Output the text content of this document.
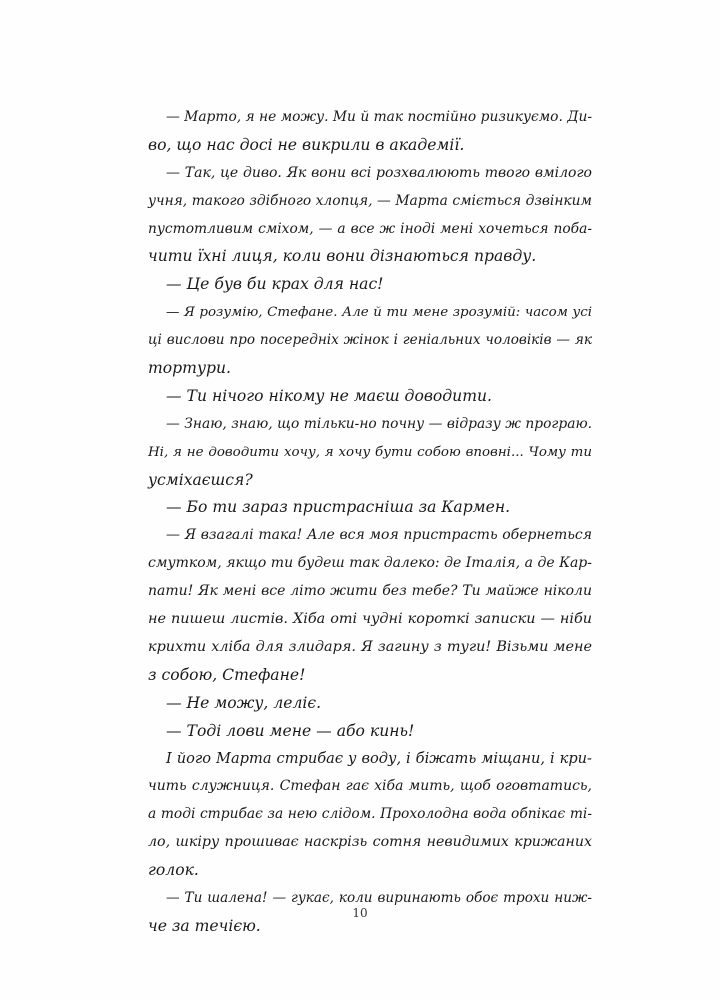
— Марто, я не можу. Ми й так постійно ризикуємо. Ди-
во, що нас досі не викрили в академії.
— Так, це диво. Як вони всі розхвалюють твого вмілого
учня, такого здібного хлопця, — Марта сміється дзвінким
пустотливим сміхом, — а все ж іноді мені хочеться поба-
чити їхні лиця, коли вони дізнаються правду.
— Це був би крах для нас!
— Я розумію, Стефане. Але й ти мене зрозумій: часом усі
ці вислови про посередніх жінок і геніальних чоловіків — як
тортури.
— Ти нічого нікому не маєш доводити.
— Знаю, знаю, що тільки-но почну — відразу ж програю.
Ні, я не доводити хочу, я хочу бути собою вповні... Чому ти
усміхаєшся?
— Бо ти зараз пристрасніша за Кармен.
— Я взагалі така! Але вся моя пристрасть обернеться
смутком, якщо ти будеш так далеко: де Італія, а де Кар-
пати! Як мені все літо жити без тебе? Ти майже ніколи
не пишеш листів. Хіба оті чудні короткі записки — ніби
крихти хліба для злидаря. Я загину з туги! Візьми мене
з собою, Стефане!
— Не можу, леліє.
— Тоді лови мене — або кинь!
І його Марта стрибає у воду, і біжать міщани, і кри-
чить служниця. Стефан гає хіба мить, щоб оговтатись,
а тоді стрибає за нею слідом. Прохолодна вода обпікає ті-
ло, шкіру прошиває наскрізь сотня невидимих крижаних
голок.
— Ти шалена! — гукає, коли виринають обоє трохи ниж-
че за течією.
10
